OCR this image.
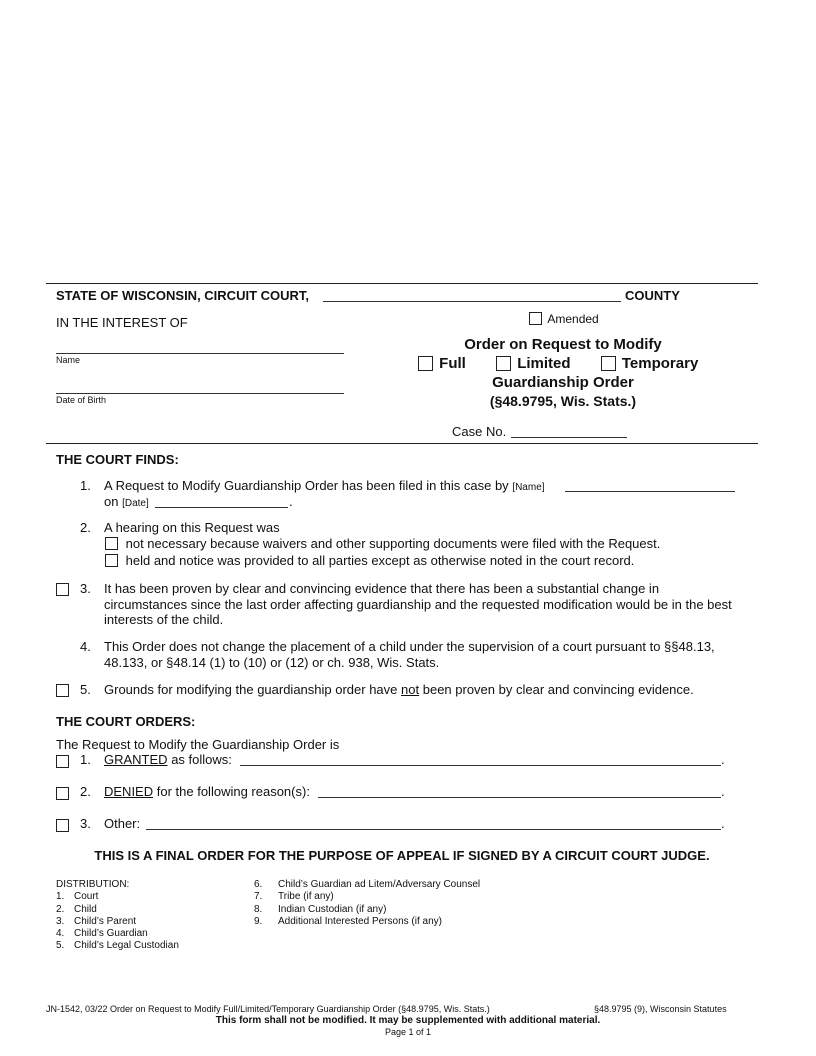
STATE OF WISCONSIN, CIRCUIT COURT,	COUNTY
IN THE INTEREST OF	Amended
Name
Date of Birth
Order on Request to Modify
Full	Limited	Temporary
Guardianship Order
(§48.9795, Wis. Stats.)
Case No.
THE COURT FINDS:
1. A Request to Modify Guardianship Order has been filed in this case by [Name]
on [Date]	.
2. A hearing on this Request was
not necessary because waivers and other supporting documents were filed with the Request.
held and notice was provided to all parties except as otherwise noted in the court record.
3. It has been proven by clear and convincing evidence that there has been a substantial change in
circumstances since the last order affecting guardianship and the requested modification would be in the best
interests of the child.
4. This Order does not change the placement of a child under the supervision of a court pursuant to §§48.13,
48.133, or §48.14 (1) to (10) or (12) or ch. 938, Wis. Stats.
5. Grounds for modifying the guardianship order have not been proven by clear and convincing evidence.
THE COURT ORDERS:
The Request to Modify the Guardianship Order is
1. GRANTED as follows:	.
2. DENIED for the following reason(s):	.
3. Other:	.
THIS IS A FINAL ORDER FOR THE PURPOSE OF APPEAL IF SIGNED BY A CIRCUIT COURT JUDGE.
DISTRIBUTION:
1. Court
2. Child
3. Child’s Parent
4. Child’s Guardian
5. Child’s Legal Custodian
6.	Child’s Guardian ad Litem/Adversary Counsel
7.	Tribe (if any)
8.	Indian Custodian (if any)
9.	Additional Interested Persons (if any)
JN-1542, 03/22 Order on Request to Modify Full/Limited/Temporary Guardianship Order (§48.9795, Wis. Stats.)	§48.9795 (9), Wisconsin Statutes
This form shall not be modified. It may be supplemented with additional material.
Page 1 of 1
